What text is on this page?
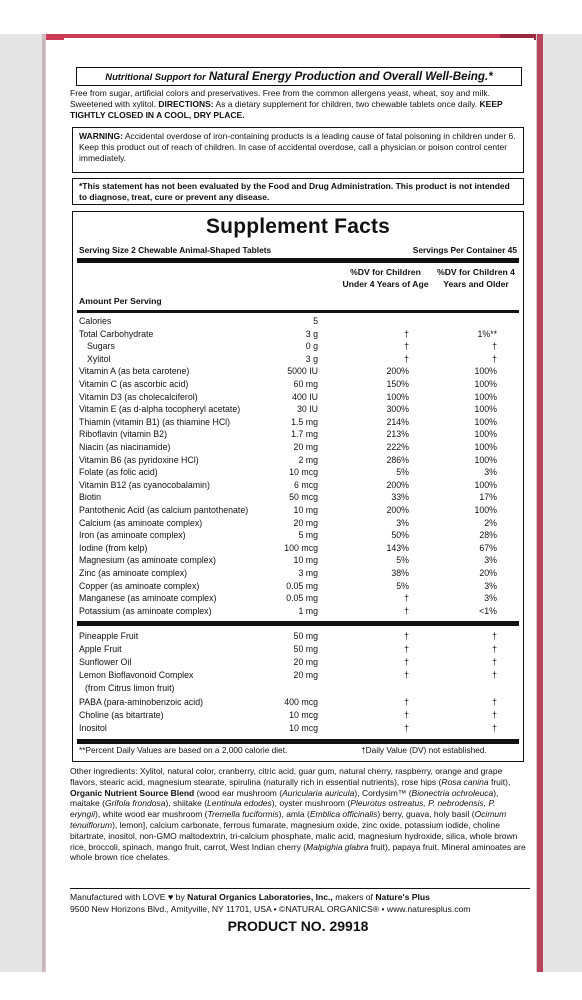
Nutritional Support for Natural Energy Production and Overall Well-Being.*
Free from sugar, artificial colors and preservatives. Free from the common allergens yeast, wheat, soy and milk. Sweetened with xylitol. DIRECTIONS: As a dietary supplement for children, two chewable tablets once daily. KEEP TIGHTLY CLOSED IN A COOL, DRY PLACE.
WARNING: Accidental overdose of iron-containing products is a leading cause of fatal poisoning in children under 6. Keep this product out of reach of children. In case of accidental overdose, call a physician or poison control center immediately.
*This statement has not been evaluated by the Food and Drug Administration. This product is not intended to diagnose, treat, cure or prevent any disease.
Supplement Facts
Serving Size 2 Chewable Animal-Shaped Tablets	Servings Per Container 45
%DV for Children Under 4 Years of Age
%DV for Children 4 Years and Older
Amount Per Serving
Calories	5
Total Carbohydrate	3 g	†	1%**
Sugars	0 g	†	†
Xylitol	3 g	†	†
Vitamin A (as beta carotene)	5000 IU	200%	100%
Vitamin C (as ascorbic acid)	60 mg	150%	100%
Vitamin D3 (as cholecalciferol)	400 IU	100%	100%
Vitamin E (as d-alpha tocopheryl acetate)	30 IU	300%	100%
Thiamin (vitamin B1) (as thiamine HCl)	1.5 mg	214%	100%
Riboflavin (vitamin B2)	1.7 mg	213%	100%
Niacin (as niacinamide)	20 mg	222%	100%
Vitamin B6 (as pyridoxine HCl)	2 mg	286%	100%
Folate (as folic acid)	10 mcg	5%	3%
Vitamin B12 (as cyanocobalamin)	6 mcg	200%	100%
Biotin	50 mcg	33%	17%
Pantothenic Acid (as calcium pantothenate)	10 mg	200%	100%
Calcium (as aminoate complex)	20 mg	3%	2%
Iron (as aminoate complex)	5 mg	50%	28%
Iodine (from kelp)	100 mcg	143%	67%
Magnesium (as aminoate complex)	10 mg	5%	3%
Zinc (as aminoate complex)	3 mg	38%	20%
Copper (as aminoate complex)	0.05 mg	5%	3%
Manganese (as aminoate complex)	0.05 mg	†	3%
Potassium (as aminoate complex)	1 mg	†	<1%
Pineapple Fruit	50 mg	†	†
Apple Fruit	50 mg	†	†
Sunflower Oil	20 mg	†	†
Lemon Bioflavonoid Complex	20 mg	†	†
(from Citrus limon fruit)
PABA (para-aminobenzoic acid)	400 mcg	†	†
Choline (as bitartrate)	10 mcg	†	†
Inositol	10 mcg	†	†
**Percent Daily Values are based on a 2,000 calorie diet.	†Daily Value (DV) not established.
Other ingredients: Xylitol, natural color, cranberry, citric acid, guar gum, natural cherry, raspberry, orange and grape flavors, stearic acid, magnesium stearate, spirulina (naturally rich in essential nutrients), rose hips (Rosa canina fruit), Organic Nutrient Source Blend (wood ear mushroom (Auricularia auricula), Cordysim™ (Bionectria ochroleuca), maitake (Grifola frondosa), shiitake (Lentinula edodes), oyster mushroom (Pleurotus ostreatus, P. nebrodensis, P. eryngii), white wood ear mushroom (Tremella fuciformis), amla (Emblica officinalis) berry, guava, holy basil (Ocimum tenuiflorum), lemon], calcium carbonate, ferrous fumarate, magnesium oxide, zinc oxide, potassium iodide, choline bitartrate, inositol, non-GMO maltodextrin, tri-calcium phosphate, malic acid, magnesium hydroxide, silica, whole brown rice, broccoli, spinach, mango fruit, carrot, West Indian cherry (Malpighia glabra fruit), papaya fruit. Mineral aminoates are whole brown rice chelates.
Manufactured with LOVE ♥ by Natural Organics Laboratories, Inc., makers of Nature's Plus
9500 New Horizons Blvd., Amityville, NY 11701, USA • ©NATURAL ORGANICS® • www.naturesplus.com
PRODUCT NO. 29918
